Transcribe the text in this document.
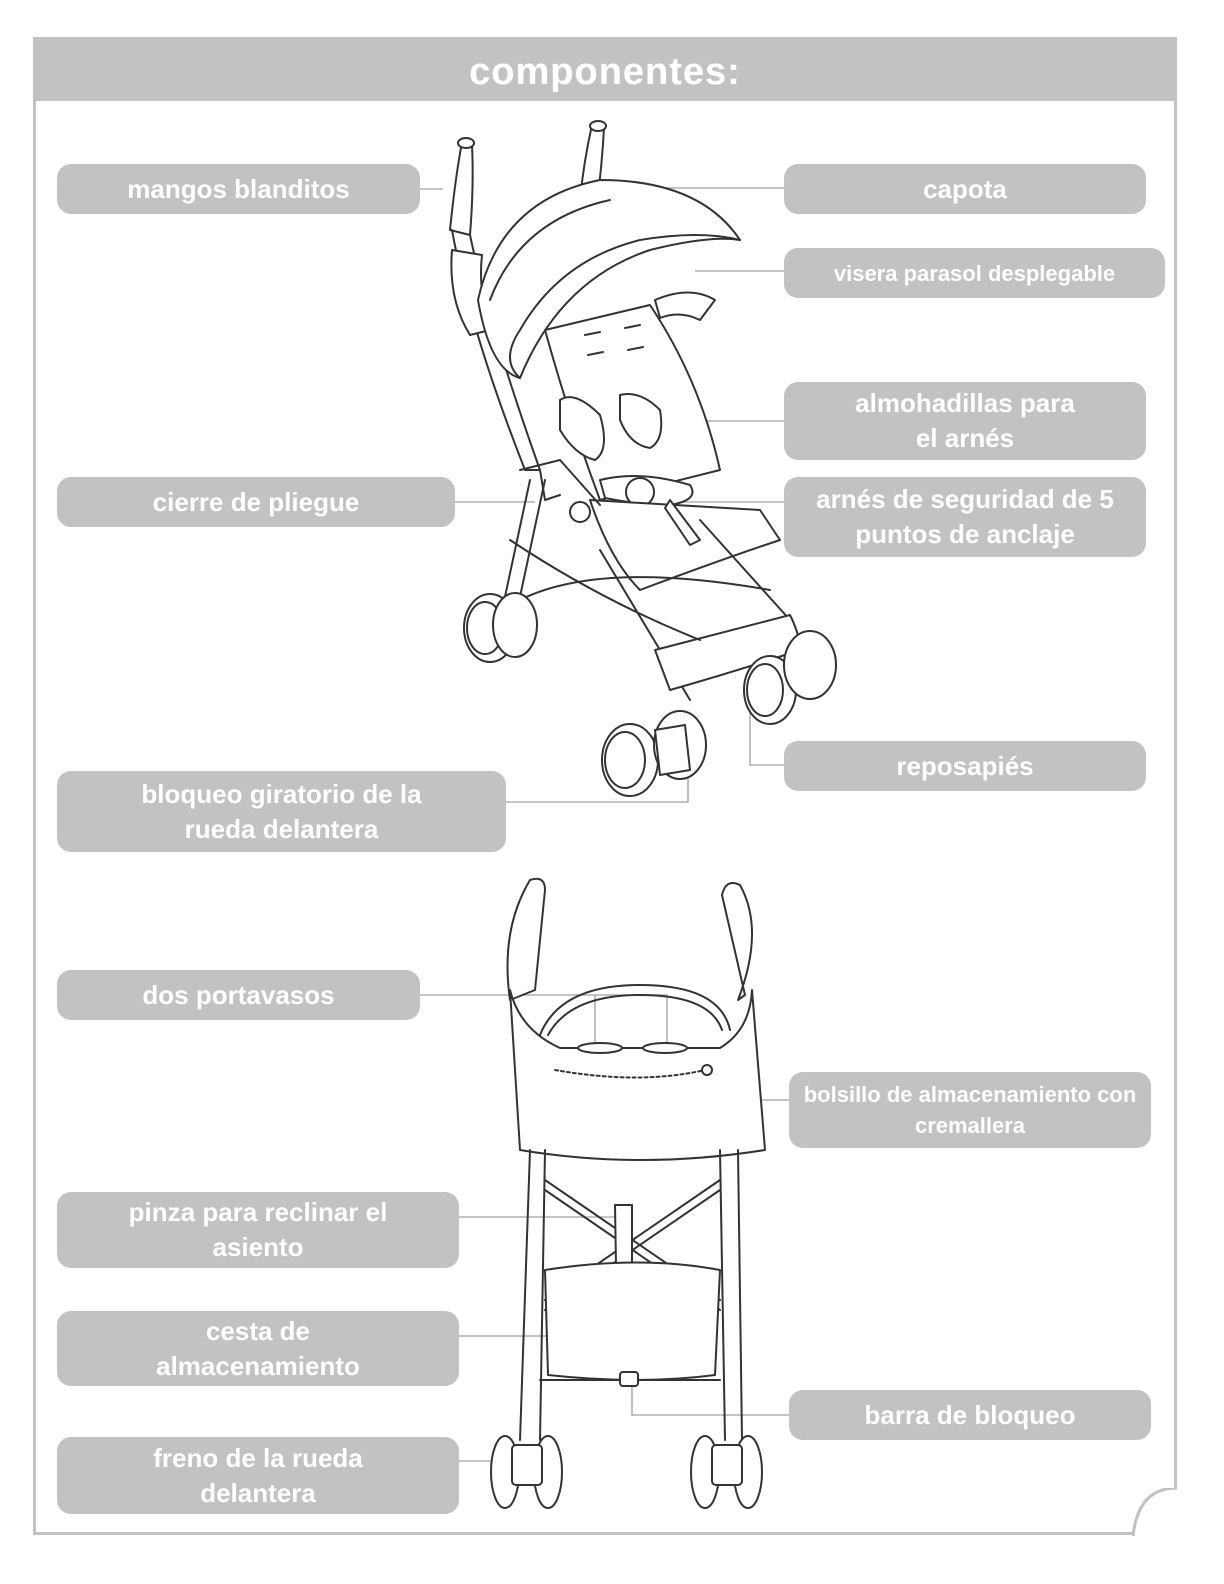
componentes:
mangos blanditos	capota
visera parasol desplegable
almohadillas para el arnés
cierre de pliegue	arnés de seguridad de 5 puntos de anclaje
reposapiés
bloqueo giratorio de la rueda delantera
dos portavasos
bolsillo de almacenamiento con cremallera
pinza para reclinar el asiento
cesta de almacenamiento
barra de bloqueo
freno de la rueda delantera
